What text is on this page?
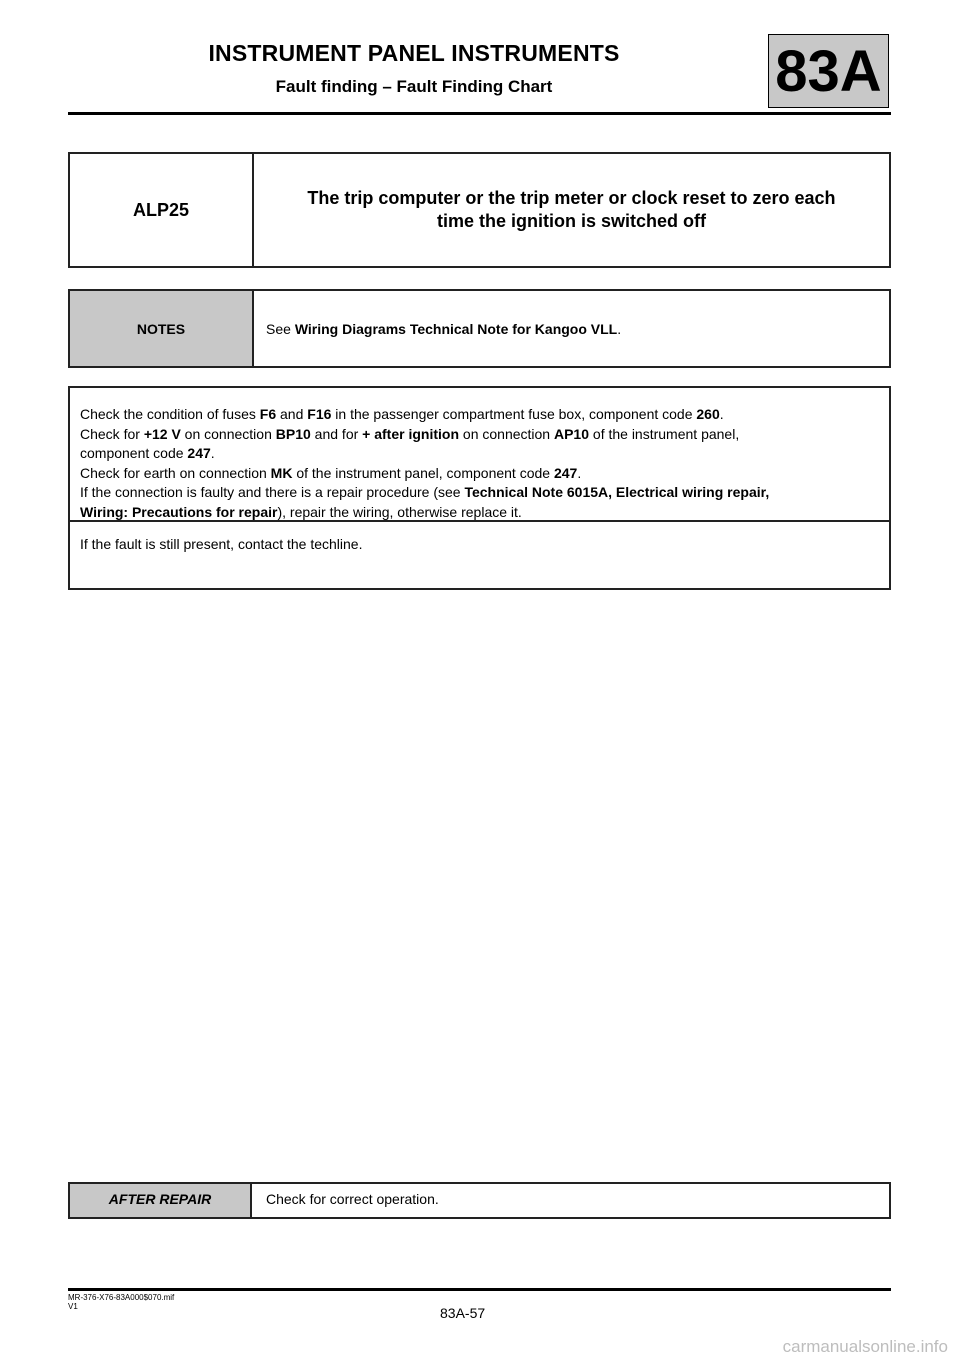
INSTRUMENT PANEL INSTRUMENTS
Fault finding – Fault Finding Chart	83A
ALP25
The trip computer or the trip meter or clock reset to zero each
time the ignition is switched off
NOTES	See Wiring Diagrams Technical Note for Kangoo VLL .
Check the condition of fuses F6 and F16 in the passenger compartment fuse box, component code 260.
Check for +12 V on connection BP10 and for + after ignition on connection AP10 of the instrument panel,
component code 247.
Check for earth on connection MK of the instrument panel, component code 247.
If the connection is faulty and there is a repair procedure (see Technical Note 6015A, Electrical wiring repair,
Wiring: Precautions for repair), repair the wiring, otherwise replace it.
If the fault is still present, contact the techline.
AFTER REPAIR	Check for correct operation.
MR-376-X76-83A000$070.mif
V1	83A-57
carmanualsonline.info
